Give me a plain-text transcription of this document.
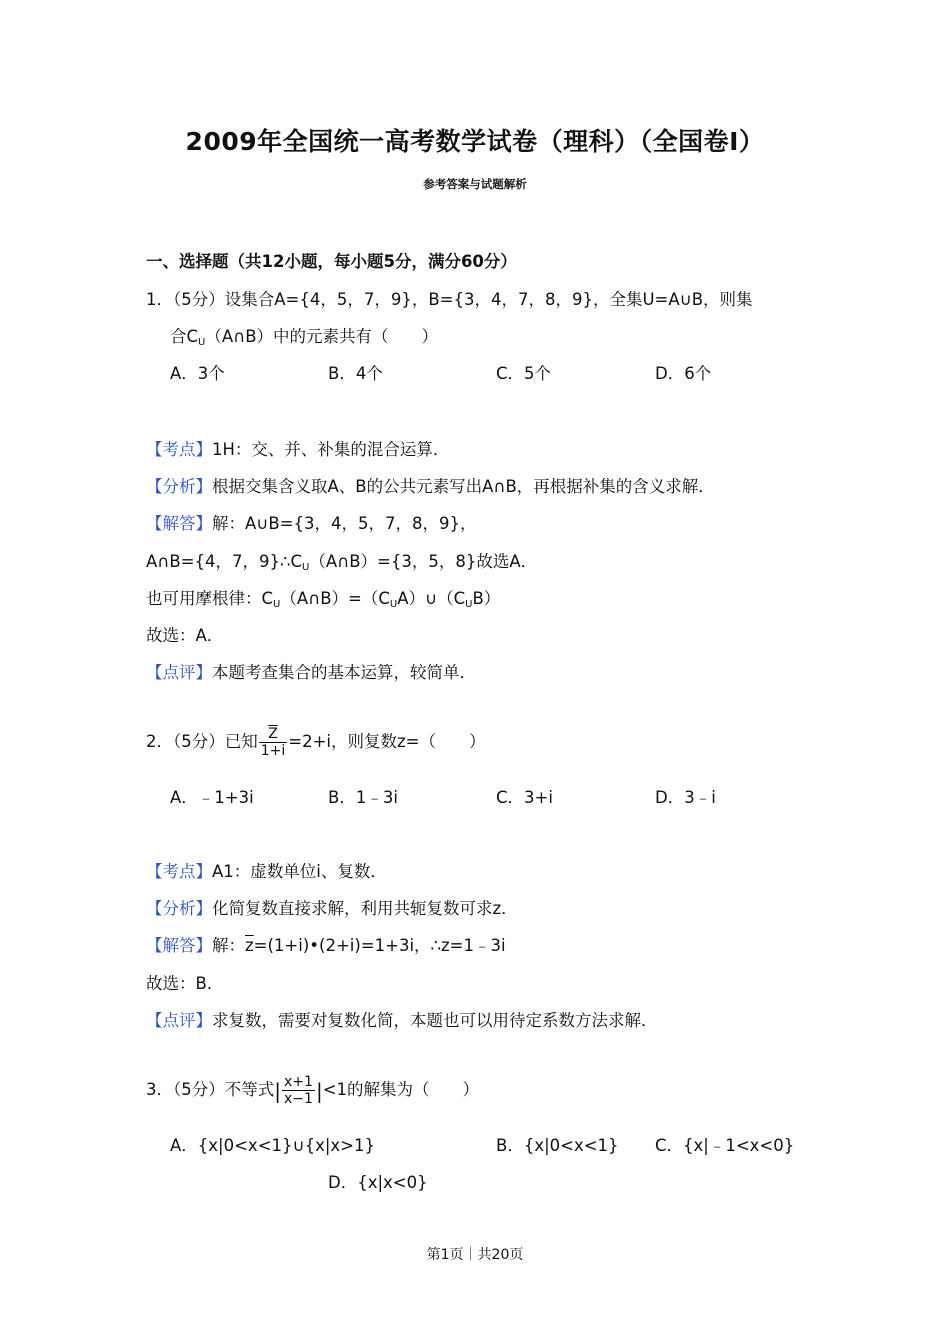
2009年全国统一高考数学试卷（理科）（全国卷Ⅰ）
参考答案与试题解析
一、选择题（共12小题，每小题5分，满分60分）
1．（5分）设集合A={4，5，7，9}，B={3，4，7，8，9}，全集U=A∪B，则集
合$C_U(A\cap B)$中的元素共有（　　）
A．3个	B．4个	C．5个	D．6个
【考点】1H：交、并、补集的混合运算．
【分析】根据交集含义取A、B的公共元素写出A∩B，再根据补集的含义求解．
【解答】解：A∪B={3，4，5，7，8，9}，
A∩B={4，7，$9\}\therefore C_U(A\cap B)=\{3$，5，8}故选A．
也可用摩根律：$C_U(A\cap B)=(C_UA)\cup(C_UB)$
故选：A．
【点评】本题考查集合的基本运算，较简单．
2．（5分）已知 $\frac{\overline{Z}}{1+i} =2+i$，则复数z=（　　）
A．﹣1+3i	B．1﹣3i	C．3+i	D．3﹣i
【考点】A1：虚数单位i、复数．
【分析】化简复数直接求解，利用共轭复数可求z．
【解答】解：$\overline{z}=(1+i)•(2+i)=1+3i$，∴z=1﹣3i
故选：B．
【点评】求复数，需要对复数化简，本题也可以用待定系数方法求解．
3．（5分）不等式| $\frac{x+1}{x-1} |<1$的解集为（　　）
A．{x|0<x<1}∪{x|x>1}	B．{x|0<x<1} C．{x|﹣1<x<0}
D．{x|x<0}
第1页｜共20页
